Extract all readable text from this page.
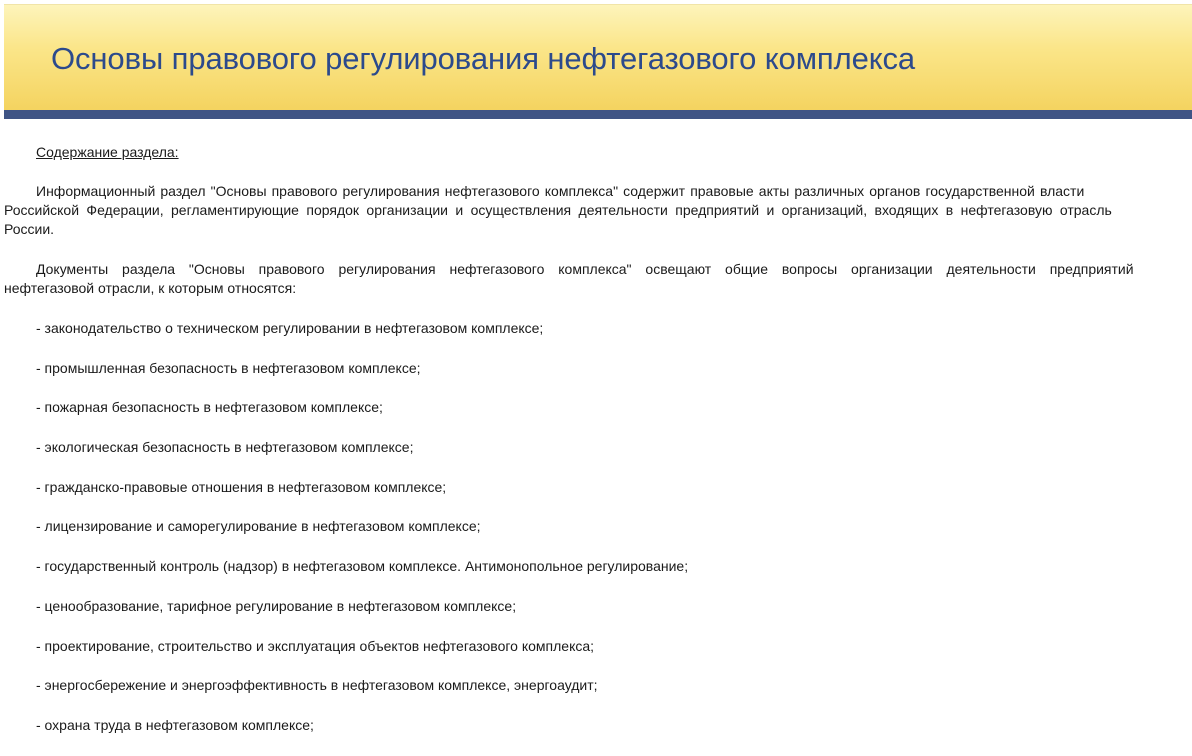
Основы правового регулирования нефтегазового комплекса

Содержание раздела:

Информационный раздел "Основы правового регулирования нефтегазового комплекса" содержит правовые акты различных органов государственной власти
Российской Федерации, регламентирующие порядок организации и осуществления деятельности предприятий и организаций, входящих в нефтегазовую отрасль
России.
Документы раздела "Основы правового регулирования нефтегазового комплекса" освещают общие вопросы организации деятельности предприятий
нефтегазовой отрасли, к которым относятся:
- законодательство о техническом регулировании в нефтегазовом комплексе;
- промышленная безопасность в нефтегазовом комплексе;
- пожарная безопасность в нефтегазовом комплексе;
- экологическая безопасность в нефтегазовом комплексе;
- гражданско-правовые отношения в нефтегазовом комплексе;
- лицензирование и саморегулирование в нефтегазовом комплексе;
- государственный контроль (надзор) в нефтегазовом комплексе. Антимонопольное регулирование;
- ценообразование, тарифное регулирование в нефтегазовом комплексе;
- проектирование, строительство и эксплуатация объектов нефтегазового комплекса;
- энергосбережение и энергоэффективность в нефтегазовом комплексе, энергоаудит;
- охрана труда в нефтегазовом комплексе;
